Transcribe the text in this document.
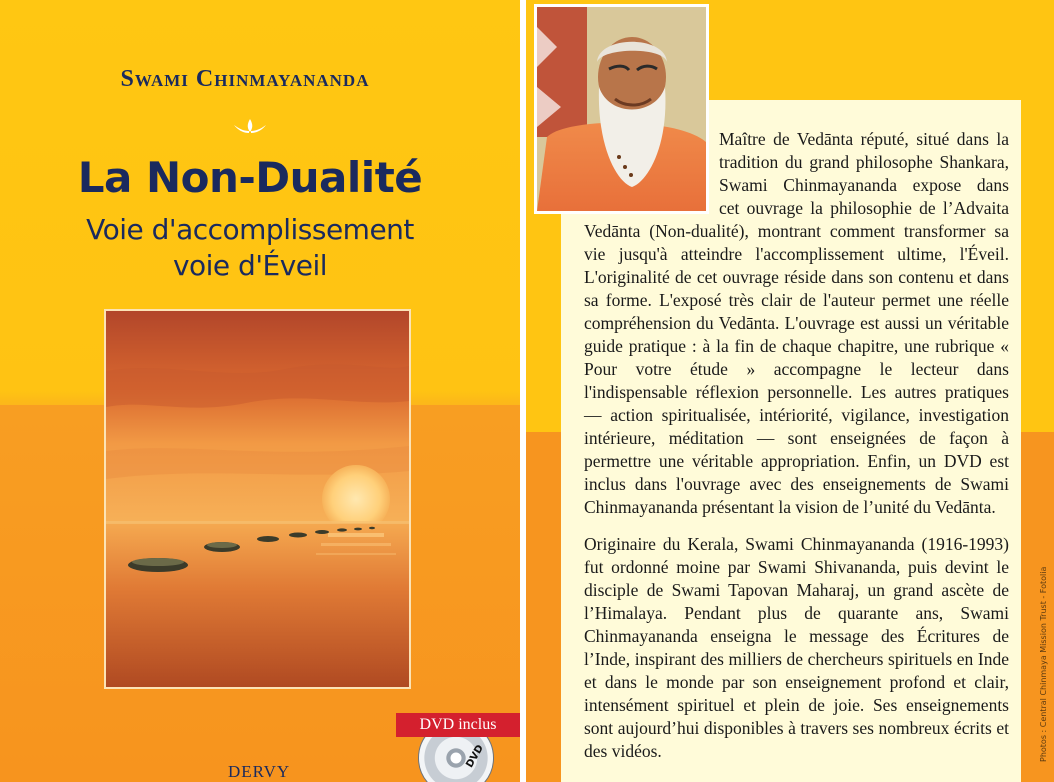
Swami Chinmayananda
La Non-Dualité
Voie d'accomplissement
voie d'Éveil
DERVY
DVD
DVD inclus
Maître de Vedānta réputé, situé dans la
tradition du grand philosophe Shankara,
Swami Chinmayananda expose dans
cet ouvrage la philosophie de l’Advaita
Vedānta (Non-dualité), montrant comment transformer sa vie jusqu'à atteindre l'accomplissement ultime, l'Éveil. L'originalité de cet ouvrage réside dans son contenu et dans sa forme. L'exposé très clair de l'auteur permet une réelle compréhension du Vedānta. L'ouvrage est aussi un véritable guide pratique : à la fin de chaque chapitre, une rubrique « Pour votre étude » accompagne le lecteur dans l'indispensable réflexion personnelle. Les autres pratiques — action spiritualisée, intériorité, vigilance, investigation intérieure, méditation — sont enseignées de façon à permettre une véritable appropriation. Enfin, un DVD est inclus dans l'ouvrage avec des enseignements de Swami Chinmayananda présentant la vision de l’unité du Vedānta.
Originaire du Kerala, Swami Chinmayananda (1916-1993) fut ordonné moine par Swami Shivananda, puis devint le disciple de Swami Tapovan Maharaj, un grand ascète de l’Himalaya. Pendant plus de quarante ans, Swami Chinmayananda enseigna le message des Écritures de l’Inde, inspirant des milliers de chercheurs spirituels en Inde et dans le monde par son enseignement profond et clair, intensément spirituel et plein de joie. Ses enseignements sont aujourd’hui disponibles à travers ses nombreux écrits et des vidéos.	Photos : Central Chinmaya Mission Trust - Fotolia
